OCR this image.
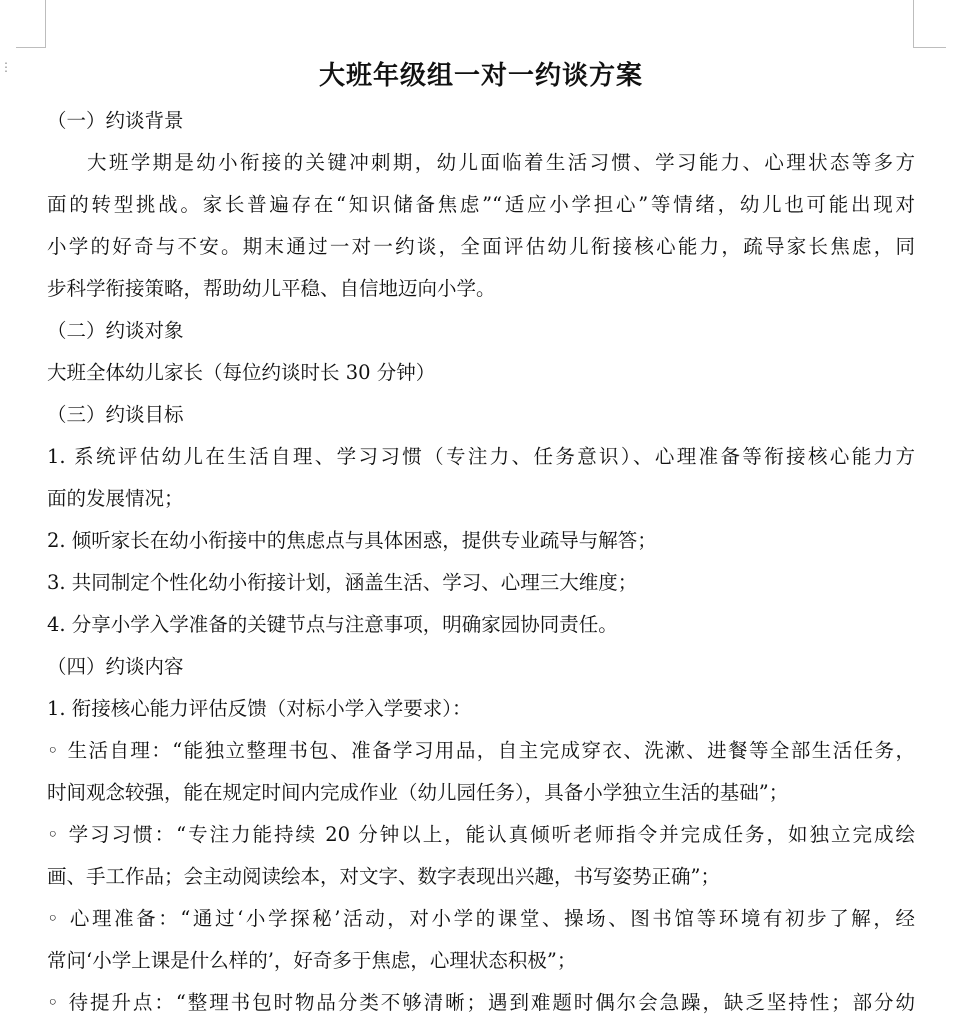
⋮	大班年级组一对一约谈方案

（一）约谈背景

大班学期是幼小衔接的关键冲刺期，幼儿面临着生活习惯、学习能力、心理状态等多方

面的转型挑战。家长普遍存在“知识储备焦虑”“适应小学担心”等情绪，幼儿也可能出现对

小学的好奇与不安。期末通过一对一约谈，全面评估幼儿衔接核心能力，疏导家长焦虑，同

步科学衔接策略，帮助幼儿平稳、自信地迈向小学。

（二）约谈对象

大班全体幼儿家长（每位约谈时长 30 分钟）

（三）约谈目标

1. 系统评估幼儿在生活自理、学习习惯（专注力、任务意识）、心理准备等衔接核心能力方

面的发展情况；

2. 倾听家长在幼小衔接中的焦虑点与具体困惑，提供专业疏导与解答；

3. 共同制定个性化幼小衔接计划，涵盖生活、学习、心理三大维度；

4. 分享小学入学准备的关键节点与注意事项，明确家园协同责任。

（四）约谈内容

1. 衔接核心能力评估反馈（对标小学入学要求）：

◦ 生活自理：“能独立整理书包、准备学习用品，自主完成穿衣、洗漱、进餐等全部生活任务，

时间观念较强，能在规定时间内完成作业（幼儿园任务），具备小学独立生活的基础”；

◦ 学习习惯：“专注力能持续 20 分钟以上，能认真倾听老师指令并完成任务，如独立完成绘

画、手工作品；会主动阅读绘本，对文字、数字表现出兴趣，书写姿势正确”；

◦ 心理准备：“通过‘小学探秘’活动，对小学的课堂、操场、图书馆等环境有初步了解，经

常问‘小学上课是什么样的’，好奇多于焦虑，心理状态积极”；

◦ 待提升点：“整理书包时物品分类不够清晰；遇到难题时偶尔会急躁，缺乏坚持性；部分幼
